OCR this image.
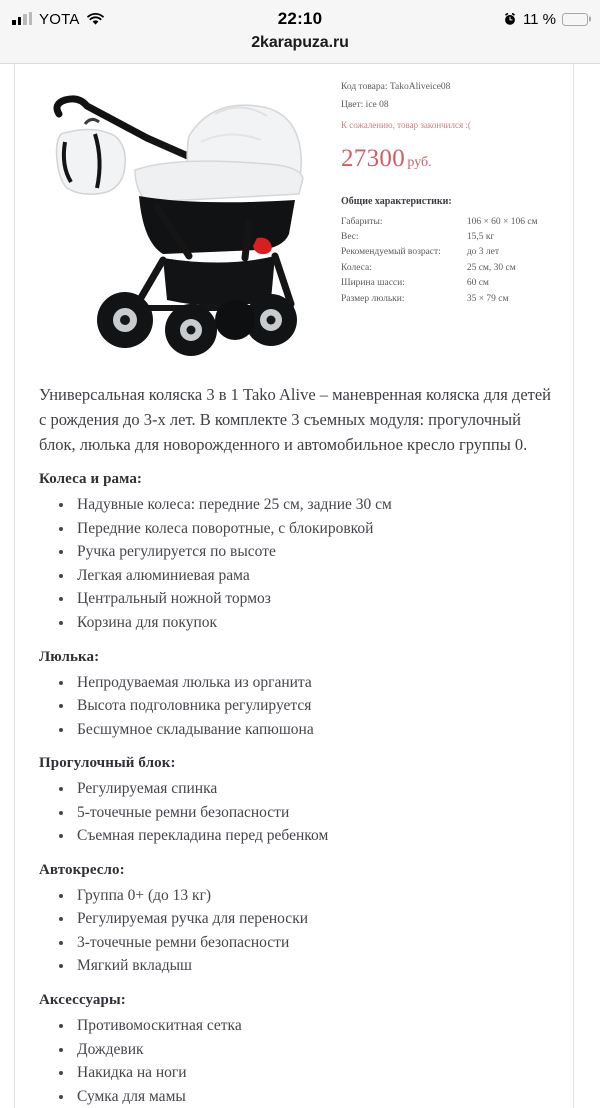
YOTA	22:10	11 %
2karapuza.ru
Код товара: TakoAliveice08
Цвет: ice 08
К сожалению, товар закончился :(
27300 руб.
Общие характеристики:
Габариты:	106 × 60 × 106 см
Вес:	15,5 кг
Рекомендуемый возраст:	до 3 лет
Колеса:	25 см, 30 см
Ширина шасси:	60 см
Размер люльки:	35 × 79 см

Универсальная коляска 3 в 1 Tako Alive – маневренная коляска для детей с рождения до 3-х лет. В комплекте 3 съемных модуля: прогулочный блок, люлька для новорожденного и автомобильное кресло группы 0.

Колеса и рама:
Надувные колеса: передние 25 см, задние 30 см
Передние колеса поворотные, с блокировкой
Ручка регулируется по высоте
Легкая алюминиевая рама
Центральный ножной тормоз
Корзина для покупок
Люлька:
Непродуваемая люлька из органита
Высота подголовника регулируется
Бесшумное складывание капюшона
Прогулочный блок:
Регулируемая спинка
5-точечные ремни безопасности
Съемная перекладина перед ребенком
Автокресло:
Группа 0+ (до 13 кг)
Регулируемая ручка для переноски
3-точечные ремни безопасности
Мягкий вкладыш
Аксессуары:
Противомоскитная сетка
Дождевик
Накидка на ноги
Сумка для мамы
